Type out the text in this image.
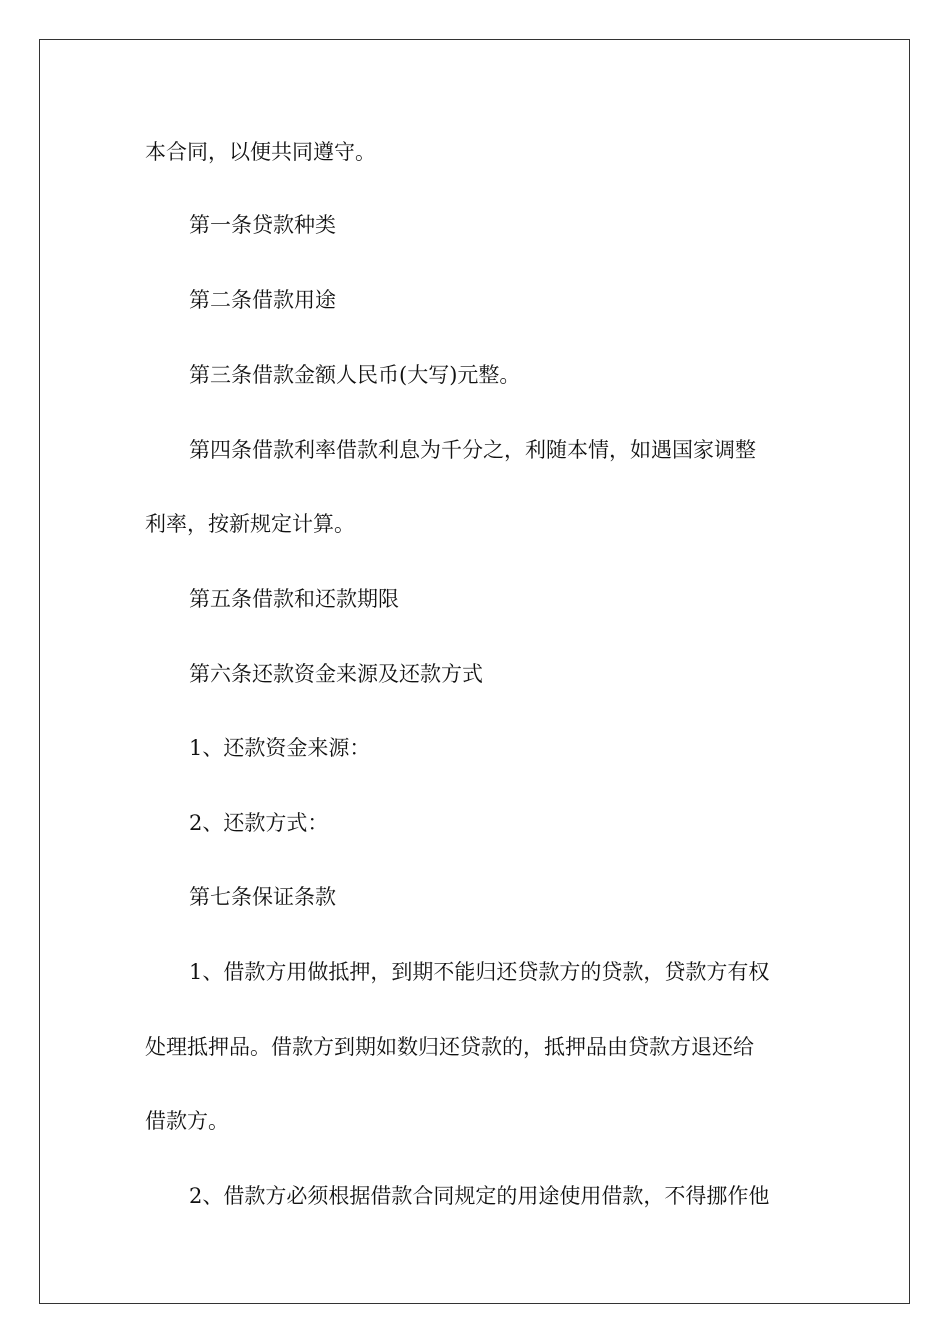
本合同，以便共同遵守。

第一条贷款种类

第二条借款用途

第三条借款金额人民币(大写)元整。

第四条借款利率借款利息为千分之，利随本情，如遇国家调整

利率，按新规定计算。

第五条借款和还款期限

第六条还款资金来源及还款方式

1、还款资金来源：

2、还款方式：

第七条保证条款

1、借款方用做抵押，到期不能归还贷款方的贷款，贷款方有权

处理抵押品。借款方到期如数归还贷款的，抵押品由贷款方退还给

借款方。

2、借款方必须根据借款合同规定的用途使用借款，不得挪作他
